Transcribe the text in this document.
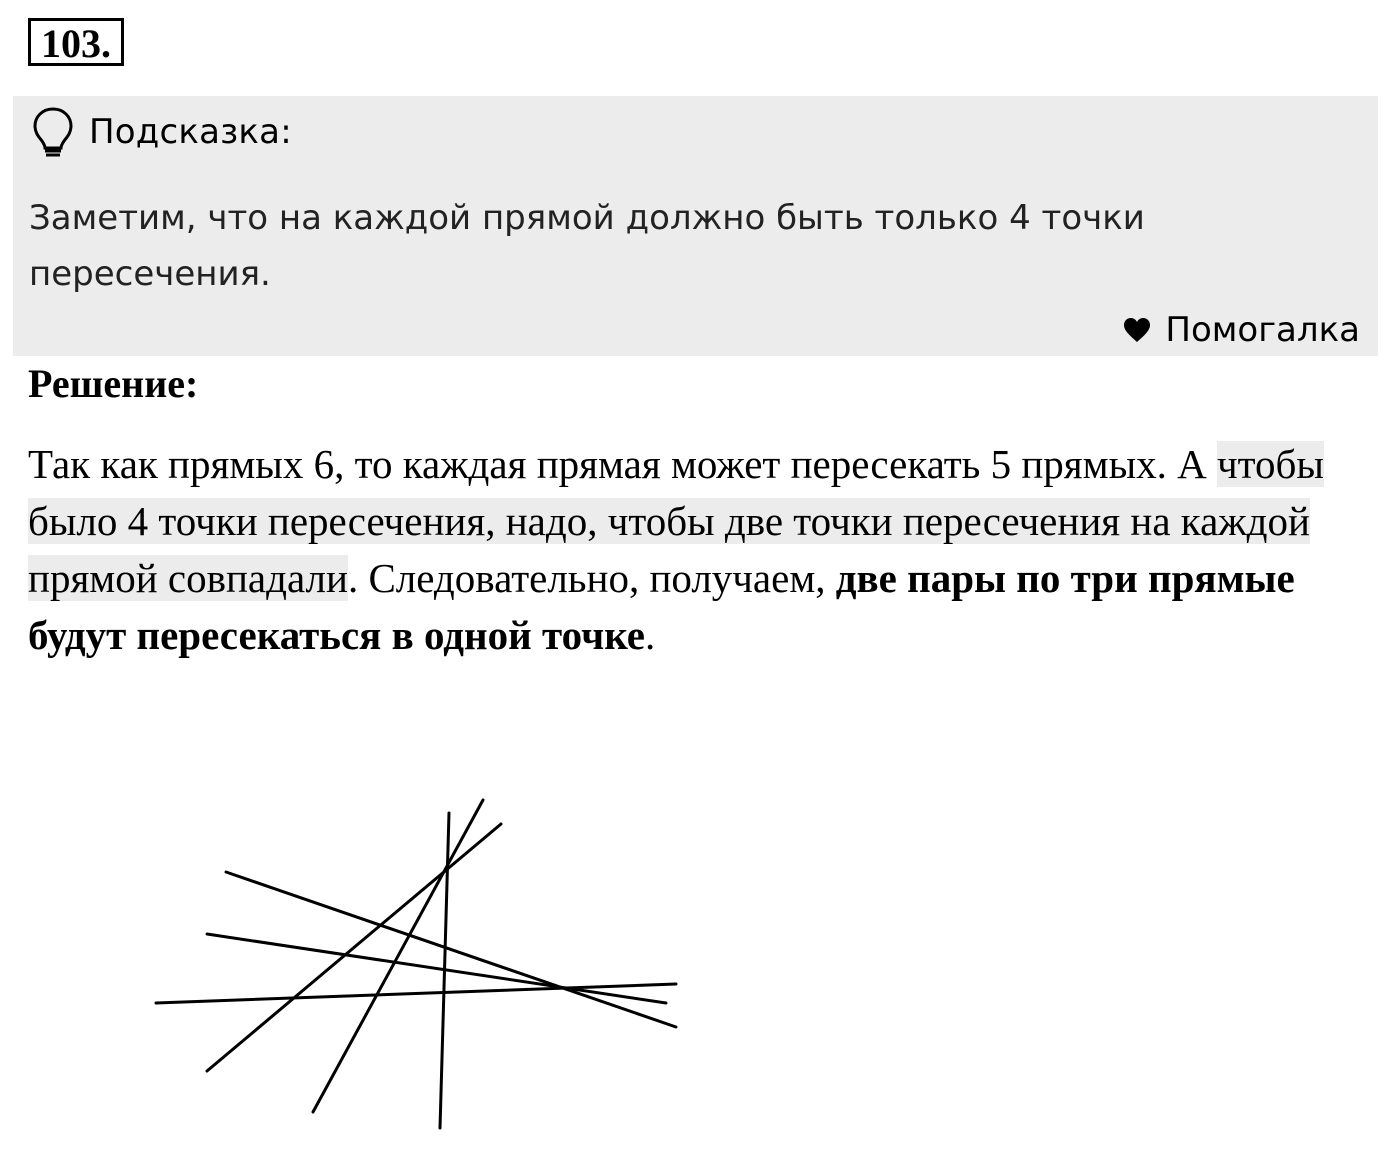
103.
Подсказка:
Заметим, что на каждой прямой должно быть только 4 точки пересечения.
Помогалка
Решение:
Так как прямых 6, то каждая прямая может пересекать 5 прямых. А чтобы было 4 точки пересечения, надо, чтобы две точки пересечения на каждой прямой совпадали. Следовательно, получаем, две пары по три прямые будут пересекаться в одной точке.
